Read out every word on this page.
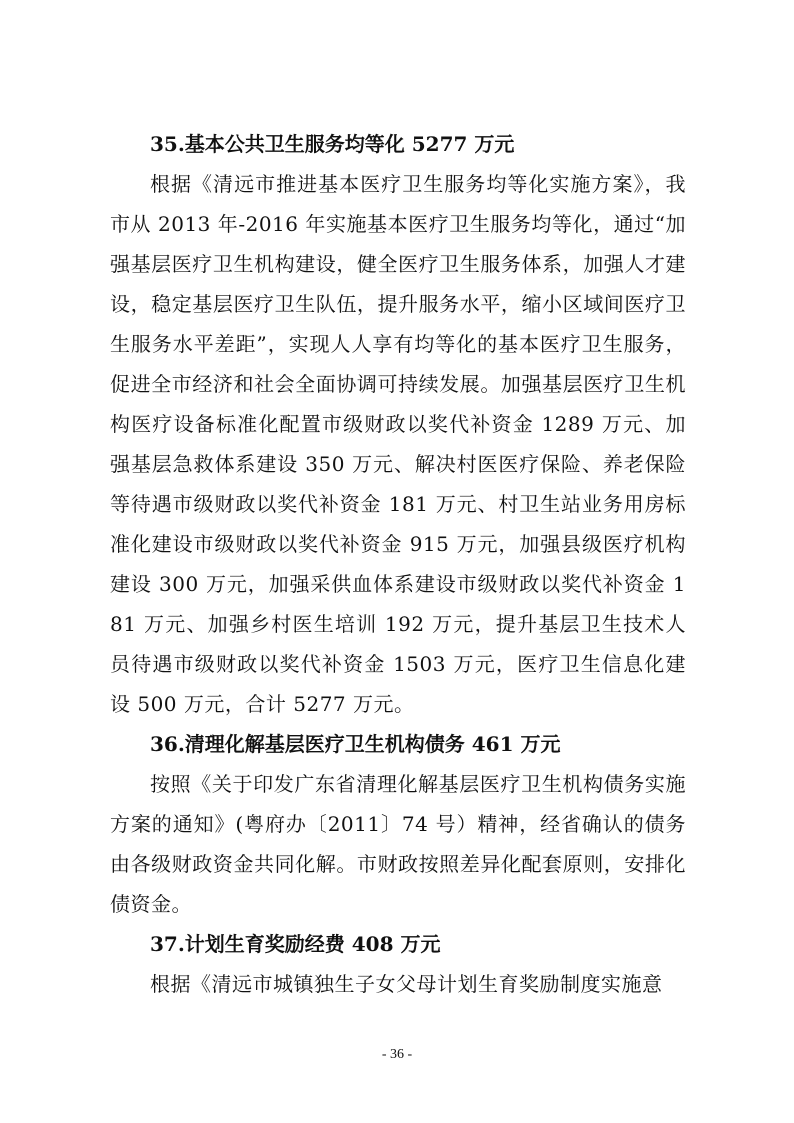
35.基本公共卫生服务均等化 5277 万元

根据《清远市推进基本医疗卫生服务均等化实施方案》，我市从 2013 年-2016 年实施基本医疗卫生服务均等化，通过“加强基层医疗卫生机构建设，健全医疗卫生服务体系，加强人才建设，稳定基层医疗卫生队伍，提升服务水平，缩小区域间医疗卫生服务水平差距”，实现人人享有均等化的基本医疗卫生服务，促进全市经济和社会全面协调可持续发展。加强基层医疗卫生机构医疗设备标准化配置市级财政以奖代补资金 1289 万元、加强基层急救体系建设 350 万元、解决村医医疗保险、养老保险等待遇市级财政以奖代补资金 181 万元、村卫生站业务用房标准化建设市级财政以奖代补资金 915 万元，加强县级医疗机构建设 300 万元，加强采供血体系建设市级财政以奖代补资金 181 万元、加强乡村医生培训 192 万元，提升基层卫生技术人员待遇市级财政以奖代补资金 1503 万元，医疗卫生信息化建设 500 万元，合计 5277 万元。

36.清理化解基层医疗卫生机构债务 461 万元

按照《关于印发广东省清理化解基层医疗卫生机构债务实施方案的通知》(粤府办〔2011〕74 号）精神，经省确认的债务由各级财政资金共同化解。市财政按照差异化配套原则，安排化债资金。

37.计划生育奖励经费 408 万元

根据《清远市城镇独生子女父母计划生育奖励制度实施意

- 36 -
